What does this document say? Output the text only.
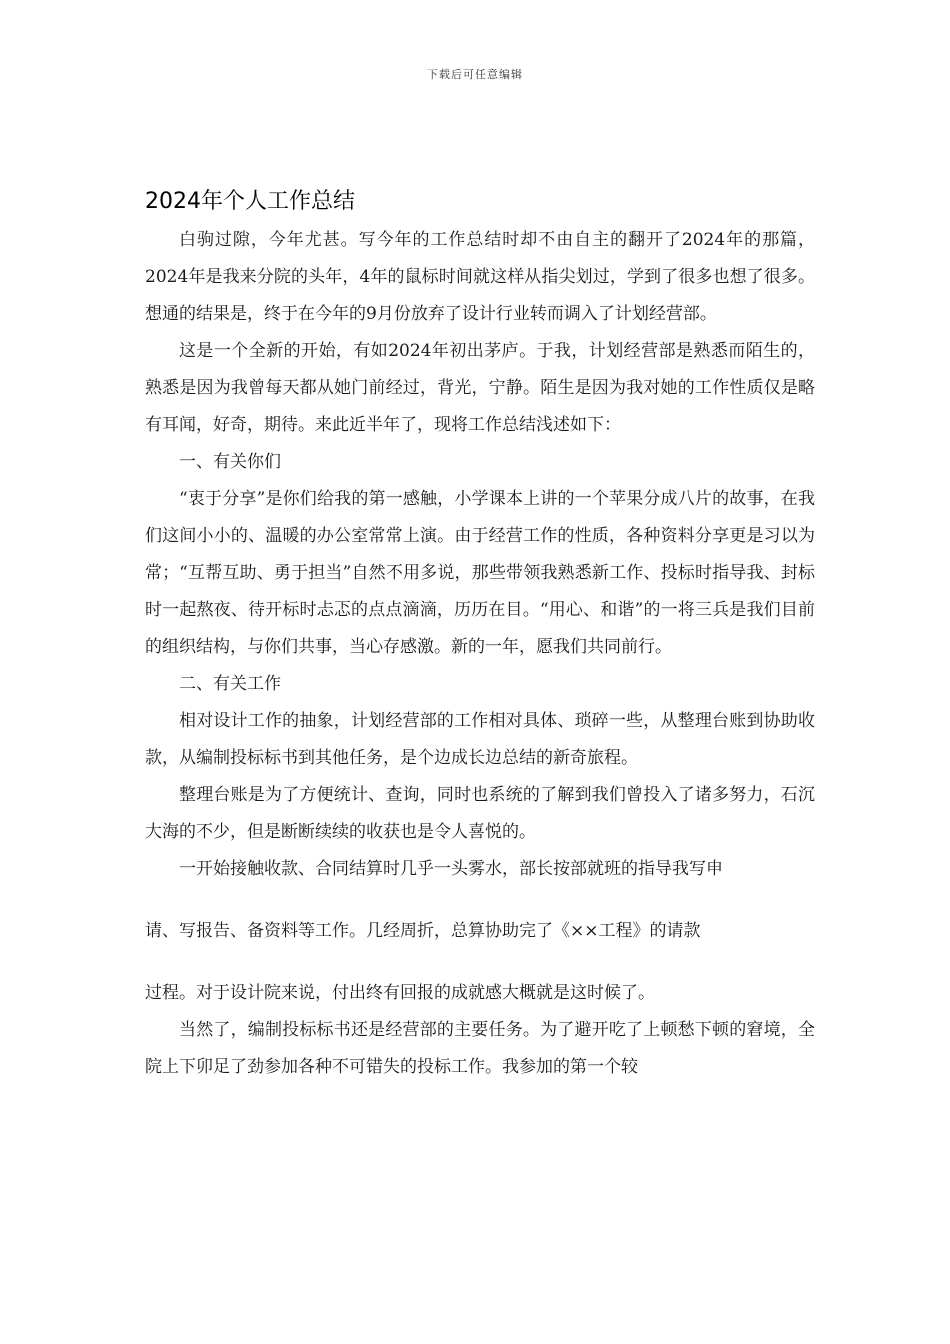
下载后可任意编辑
2024年个人工作总结

白驹过隙，今年尤甚。写今年的工作总结时却不由自主的翻开了2024年的那篇，2024年是我来分院的头年，4年的鼠标时间就这样从指尖划过，学到了很多也想了很多。想通的结果是，终于在今年的9月份放弃了设计行业转而调入了计划经营部。

这是一个全新的开始，有如2024年初出茅庐。于我，计划经营部是熟悉而陌生的，熟悉是因为我曾每天都从她门前经过，背光，宁静。陌生是因为我对她的工作性质仅是略有耳闻，好奇，期待。来此近半年了，现将工作总结浅述如下：

一、有关你们

“衷于分享”是你们给我的第一感触，小学课本上讲的一个苹果分成八片的故事，在我们这间小小的、温暖的办公室常常上演。由于经营工作的性质，各种资料分享更是习以为常；“互帮互助、勇于担当”自然不用多说，那些带领我熟悉新工作、投标时指导我、封标时一起熬夜、待开标时忐忑的点点滴滴，历历在目。“用心、和谐”的一将三兵是我们目前的组织结构，与你们共事，当心存感激。新的一年，愿我们共同前行。

二、有关工作

相对设计工作的抽象，计划经营部的工作相对具体、琐碎一些，从整理台账到协助收款，从编制投标标书到其他任务，是个边成长边总结的新奇旅程。

整理台账是为了方便统计、查询，同时也系统的了解到我们曾投入了诸多努力，石沉大海的不少，但是断断续续的收获也是令人喜悦的。

一开始接触收款、合同结算时几乎一头雾水，部长按部就班的指导我写申

请、写报告、备资料等工作。几经周折，总算协助完了《××工程》的请款

过程。对于设计院来说，付出终有回报的成就感大概就是这时候了。

当然了，编制投标标书还是经营部的主要任务。为了避开吃了上顿愁下顿的窘境，全院上下卯足了劲参加各种不可错失的投标工作。我参加的第一个较
